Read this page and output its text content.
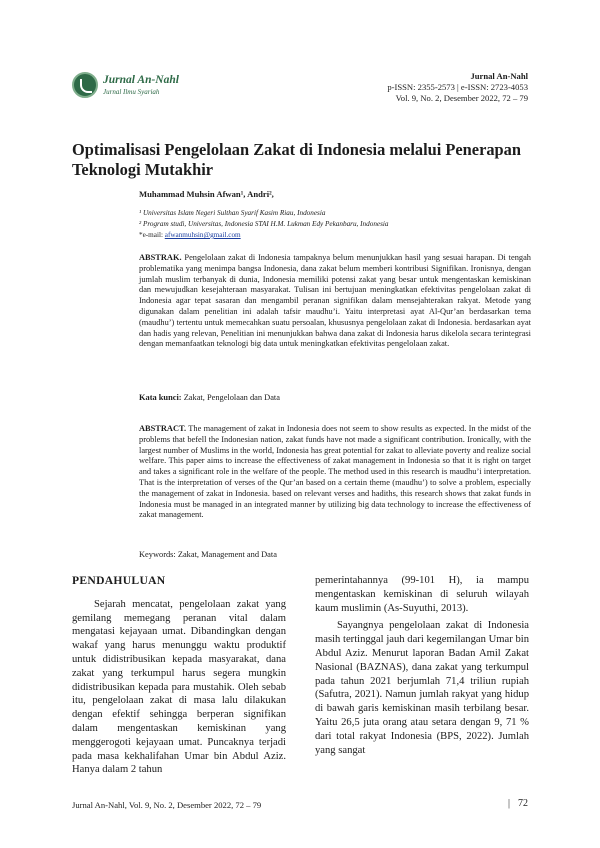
Jurnal An-Nahl
Jurnal Ilmu Syariah
Jurnal An-Nahl
p-ISSN: 2355-2573 | e-ISSN: 2723-4053
Vol. 9, No. 2, Desember 2022, 72 – 79
Optimalisasi Pengelolaan Zakat di Indonesia melalui Penerapan Teknologi Mutakhir
Muhammad Muhsin Afwan¹, Andri²,
¹ Universitas Islam Negeri Sulthan Syarif Kasim Riau, Indonesia
² Program studi, Universitas, Indonesia STAI H.M. Lukman Edy Pekanbaru, Indonesia
*e-mail: afwanmuhsin@gmail.com

ABSTRAK. Pengelolaan zakat di Indonesia tampaknya belum menunjukkan hasil yang sesuai harapan. Di tengah problematika yang menimpa bangsa Indonesia, dana zakat belum memberi kontribusi Signifikan. Ironisnya, dengan jumlah muslim terbanyak di dunia, Indonesia memiliki potensi zakat yang besar untuk mengentaskan kemiskinan dan mewujudkan kesejahteraan masyarakat. Tulisan ini bertujuan meningkatkan efektivitas pengelolaan zakat di Indonesia agar tepat sasaran dan mengambil peranan signifikan dalam mensejahterakan rakyat. Metode yang digunakan dalam penelitian ini adalah tafsir maudhu’i. Yaitu interpretasi ayat Al-Qur’an berdasarkan tema (maudhu’) tertentu untuk memecahkan suatu persoalan, khususnya pengelolaan zakat di Indonesia. berdasarkan ayat dan hadis yang relevan, Penelitian ini menunjukkan bahwa dana zakat di Indonesia harus dikelola secara terintegrasi dengan memanfaatkan teknologi big data untuk meningkatkan efektivitas pengelolaan zakat.

Kata kunci: Zakat, Pengelolaan dan Data

ABSTRACT. The management of zakat in Indonesia does not seem to show results as expected. In the midst of the problems that befell the Indonesian nation, zakat funds have not made a significant contribution. Ironically, with the largest number of Muslims in the world, Indonesia has great potential for zakat to alleviate poverty and realize social welfare. This paper aims to increase the effectiveness of zakat management in Indonesia so that it is right on target and takes a significant role in the welfare of the people. The method used in this research is maudhu’i interpretation. That is the interpretation of verses of the Qur’an based on a certain theme (maudhu’) to solve a problem, especially the management of zakat in Indonesia. based on relevant verses and hadiths, this research shows that zakat funds in Indonesia must be managed in an integrated manner by utilizing big data technology to increase the effectiveness of zakat management.

Keywords: Zakat, Management and Data
PENDAHULUAN

Sejarah mencatat, pengelolaan zakat yang gemilang memegang peranan vital dalam mengatasi kejayaan umat. Dibandingkan dengan wakaf yang harus menunggu waktu produktif untuk didistribusikan kepada masyarakat, dana zakat yang terkumpul harus segera mungkin didistribusikan kepada para mustahik. Oleh sebab itu, pengelolaan zakat di masa lalu dilakukan dengan efektif sehingga berperan signifikan dalam mengentaskan kemiskinan yang menggerogoti kejayaan umat. Puncaknya terjadi pada masa kekhalifahan Umar bin Abdul Aziz. Hanya dalam 2 tahun

pemerintahannya (99-101 H), ia mampu mengentaskan kemiskinan di seluruh wilayah kaum muslimin (As-Suyuthi, 2013).

Sayangnya pengelolaan zakat di Indonesia masih tertinggal jauh dari kegemilangan Umar bin Abdul Aziz. Menurut laporan Badan Amil Zakat Nasional (BAZNAS), dana zakat yang terkumpul pada tahun 2021 berjumlah 71,4 triliun rupiah (Safutra, 2021). Namun jumlah rakyat yang hidup di bawah garis kemiskinan masih terbilang besar. Yaitu 26,5 juta orang atau setara dengan 9, 71 % dari total rakyat Indonesia (BPS, 2022). Jumlah yang sangat

Jurnal An-Nahl, Vol. 9, No. 2, Desember 2022, 72 – 79	| 72
